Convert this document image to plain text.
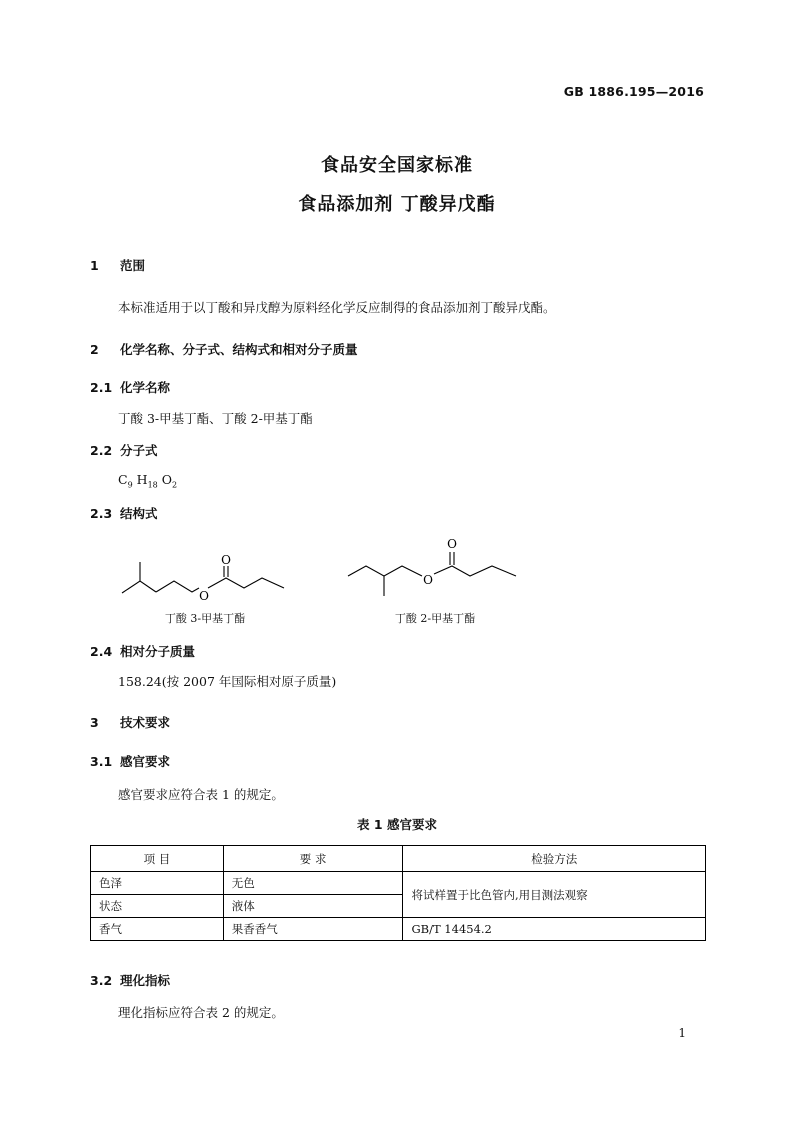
GB 1886.195—2016
食品安全国家标准
食品添加剂 丁酸异戊酯
1 范围
本标准适用于以丁酸和异戊醇为原料经化学反应制得的食品添加剂丁酸异戊酯。
2 化学名称、分子式、结构式和相对分子质量
2.1 化学名称
丁酸 3-甲基丁酯、丁酸 2-甲基丁酯
2.2 分子式
$C_9$ $H_{18}$ $O_2$
2.3 结构式
O
O
丁酸 3-甲基丁酯
O
O
丁酸 2-甲基丁酯
2.4 相对分子质量
158.24(按 2007 年国际相对原子质量)
3 技术要求
3.1 感官要求
感官要求应符合表 1 的规定。
表 1 感官要求
项 目	要 求	检验方法
色泽	无色	将试样置于比色管内,用目测法观察
状态	液体	
香气	果香香气	GB/T 14454.2
3.2 理化指标
理化指标应符合表 2 的规定。
1
